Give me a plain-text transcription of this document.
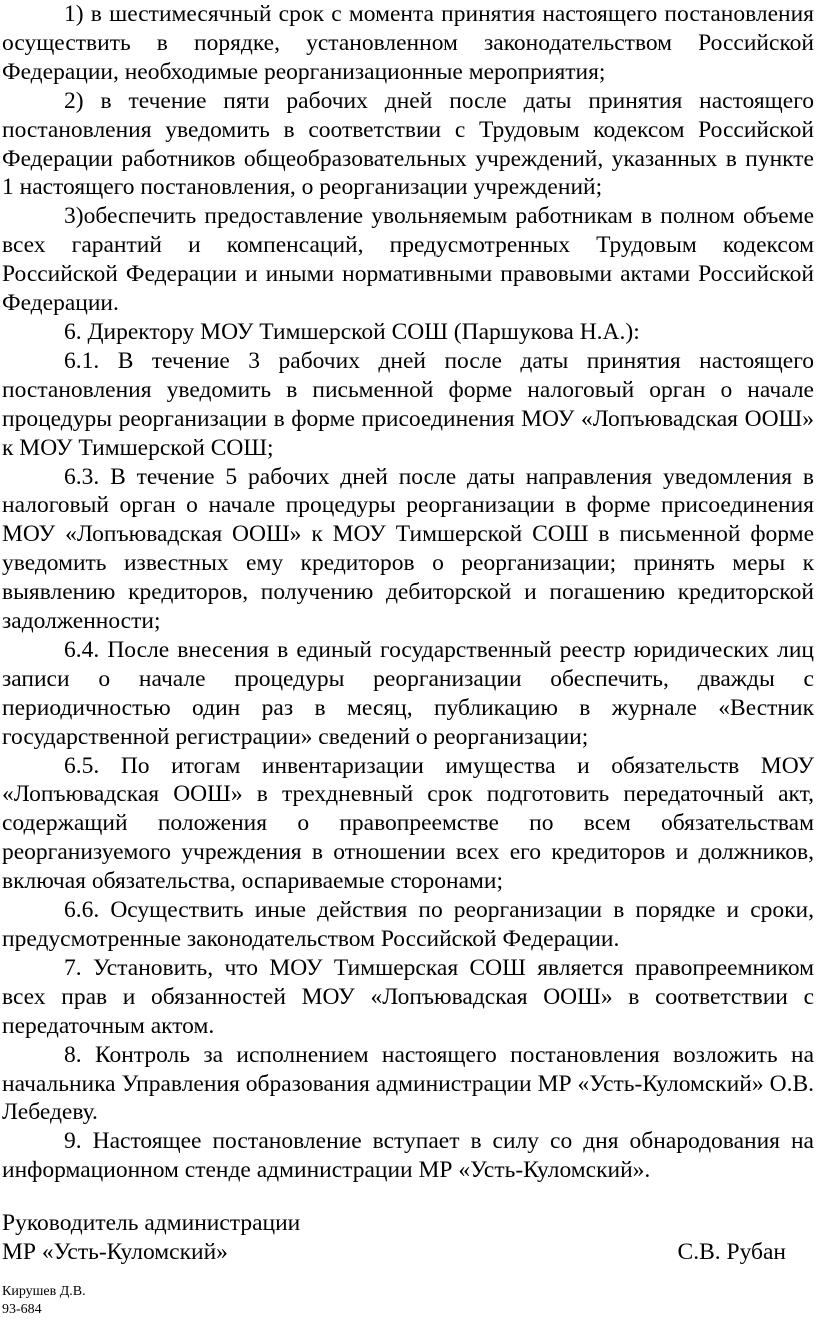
1) в шестимесячный срок с момента принятия настоящего постановления осуществить в порядке, установленном законодательством Российской Федерации, необходимые реорганизационные мероприятия;

2) в течение пяти рабочих дней после даты принятия настоящего постановления уведомить в соответствии с Трудовым кодексом Российской Федерации работников общеобразовательных учреждений, указанных в пункте 1 настоящего постановления, о реорганизации учреждений;

3)обеспечить предоставление увольняемым работникам в полном объеме всех гарантий и компенсаций, предусмотренных Трудовым кодексом Российской Федерации и иными нормативными правовыми актами Российской Федерации.

6. Директору МОУ Тимшерской СОШ (Паршукова Н.А.):

6.1. В течение 3 рабочих дней после даты принятия настоящего постановления уведомить в письменной форме налоговый орган о начале процедуры реорганизации в форме присоединения МОУ «Лопъювадская ООШ» к МОУ Тимшерской СОШ;

6.3. В течение 5 рабочих дней после даты направления уведомления в налоговый орган о начале процедуры реорганизации в форме присоединения МОУ «Лопъювадская ООШ» к МОУ Тимшерской СОШ в письменной форме уведомить известных ему кредиторов о реорганизации; принять меры к выявлению кредиторов, получению дебиторской и погашению кредиторской задолженности;

6.4. После внесения в единый государственный реестр юридических лиц записи о начале процедуры реорганизации обеспечить, дважды с периодичностью один раз в месяц, публикацию в журнале «Вестник государственной регистрации» сведений о реорганизации;

6.5. По итогам инвентаризации имущества и обязательств МОУ «Лопъювадская ООШ» в трехдневный срок подготовить передаточный акт, содержащий положения о правопреемстве по всем обязательствам реорганизуемого учреждения в отношении всех его кредиторов и должников, включая обязательства, оспариваемые сторонами;

6.6. Осуществить иные действия по реорганизации в порядке и сроки, предусмотренные законодательством Российской Федерации.

7. Установить, что МОУ Тимшерская СОШ является правопреемником всех прав и обязанностей МОУ «Лопъювадская ООШ» в соответствии с передаточным актом.

8. Контроль за исполнением настоящего постановления возложить на начальника Управления образования администрации МР «Усть-Куломский» О.В. Лебедеву.

9. Настоящее постановление вступает в силу со дня обнародования на информационном стенде администрации МР «Усть-Куломский».

Руководитель администрации
МР «Усть-Куломский»	С.В. Рубан
Кирушев Д.В.
93-684
